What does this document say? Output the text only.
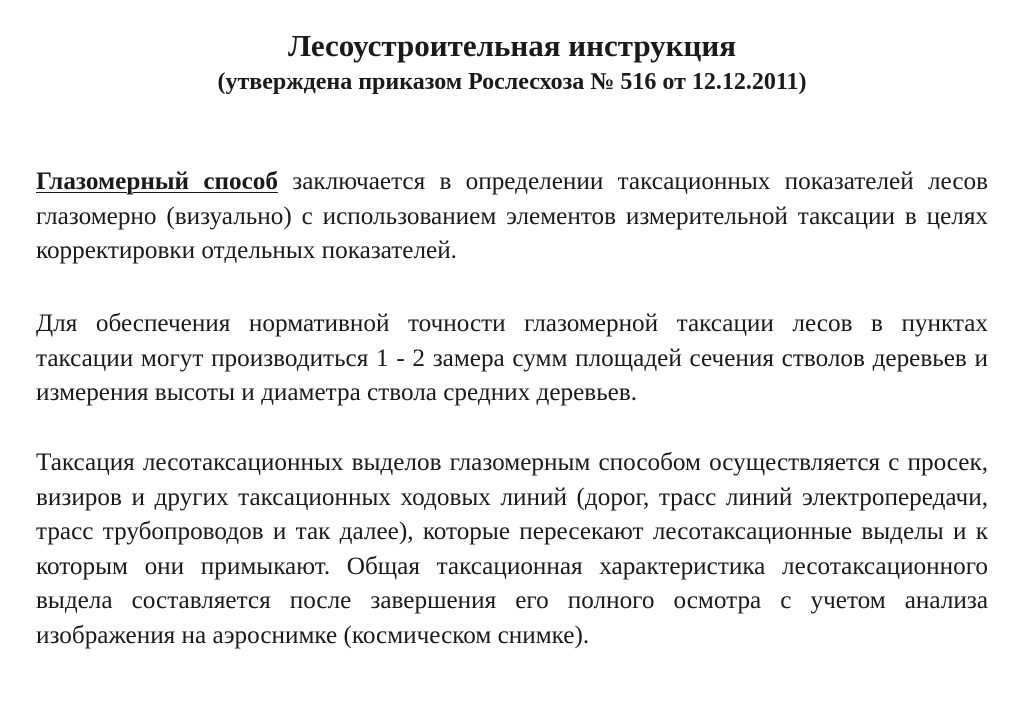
Лесоустроительная инструкция
(утверждена приказом Рослесхоза № 516 от 12.12.2011)
Глазомерный способ заключается в определении таксационных показателей лесов глазомерно (визуально) с использованием элементов измерительной таксации в целях корректировки отдельных показателей.
Для обеспечения нормативной точности глазомерной таксации лесов в пунктах таксации могут производиться 1 - 2 замера сумм площадей сечения стволов деревьев и измерения высоты и диаметра ствола средних деревьев.
Таксация лесотаксационных выделов глазомерным способом осуществляется с просек, визиров и других таксационных ходовых линий (дорог, трасс линий электропередачи, трасс трубопроводов и так далее), которые пересекают лесотаксационные выделы и к которым они примыкают. Общая таксационная характеристика лесотаксационного выдела составляется после завершения его полного осмотра с учетом анализа изображения на аэроснимке (космическом снимке).
